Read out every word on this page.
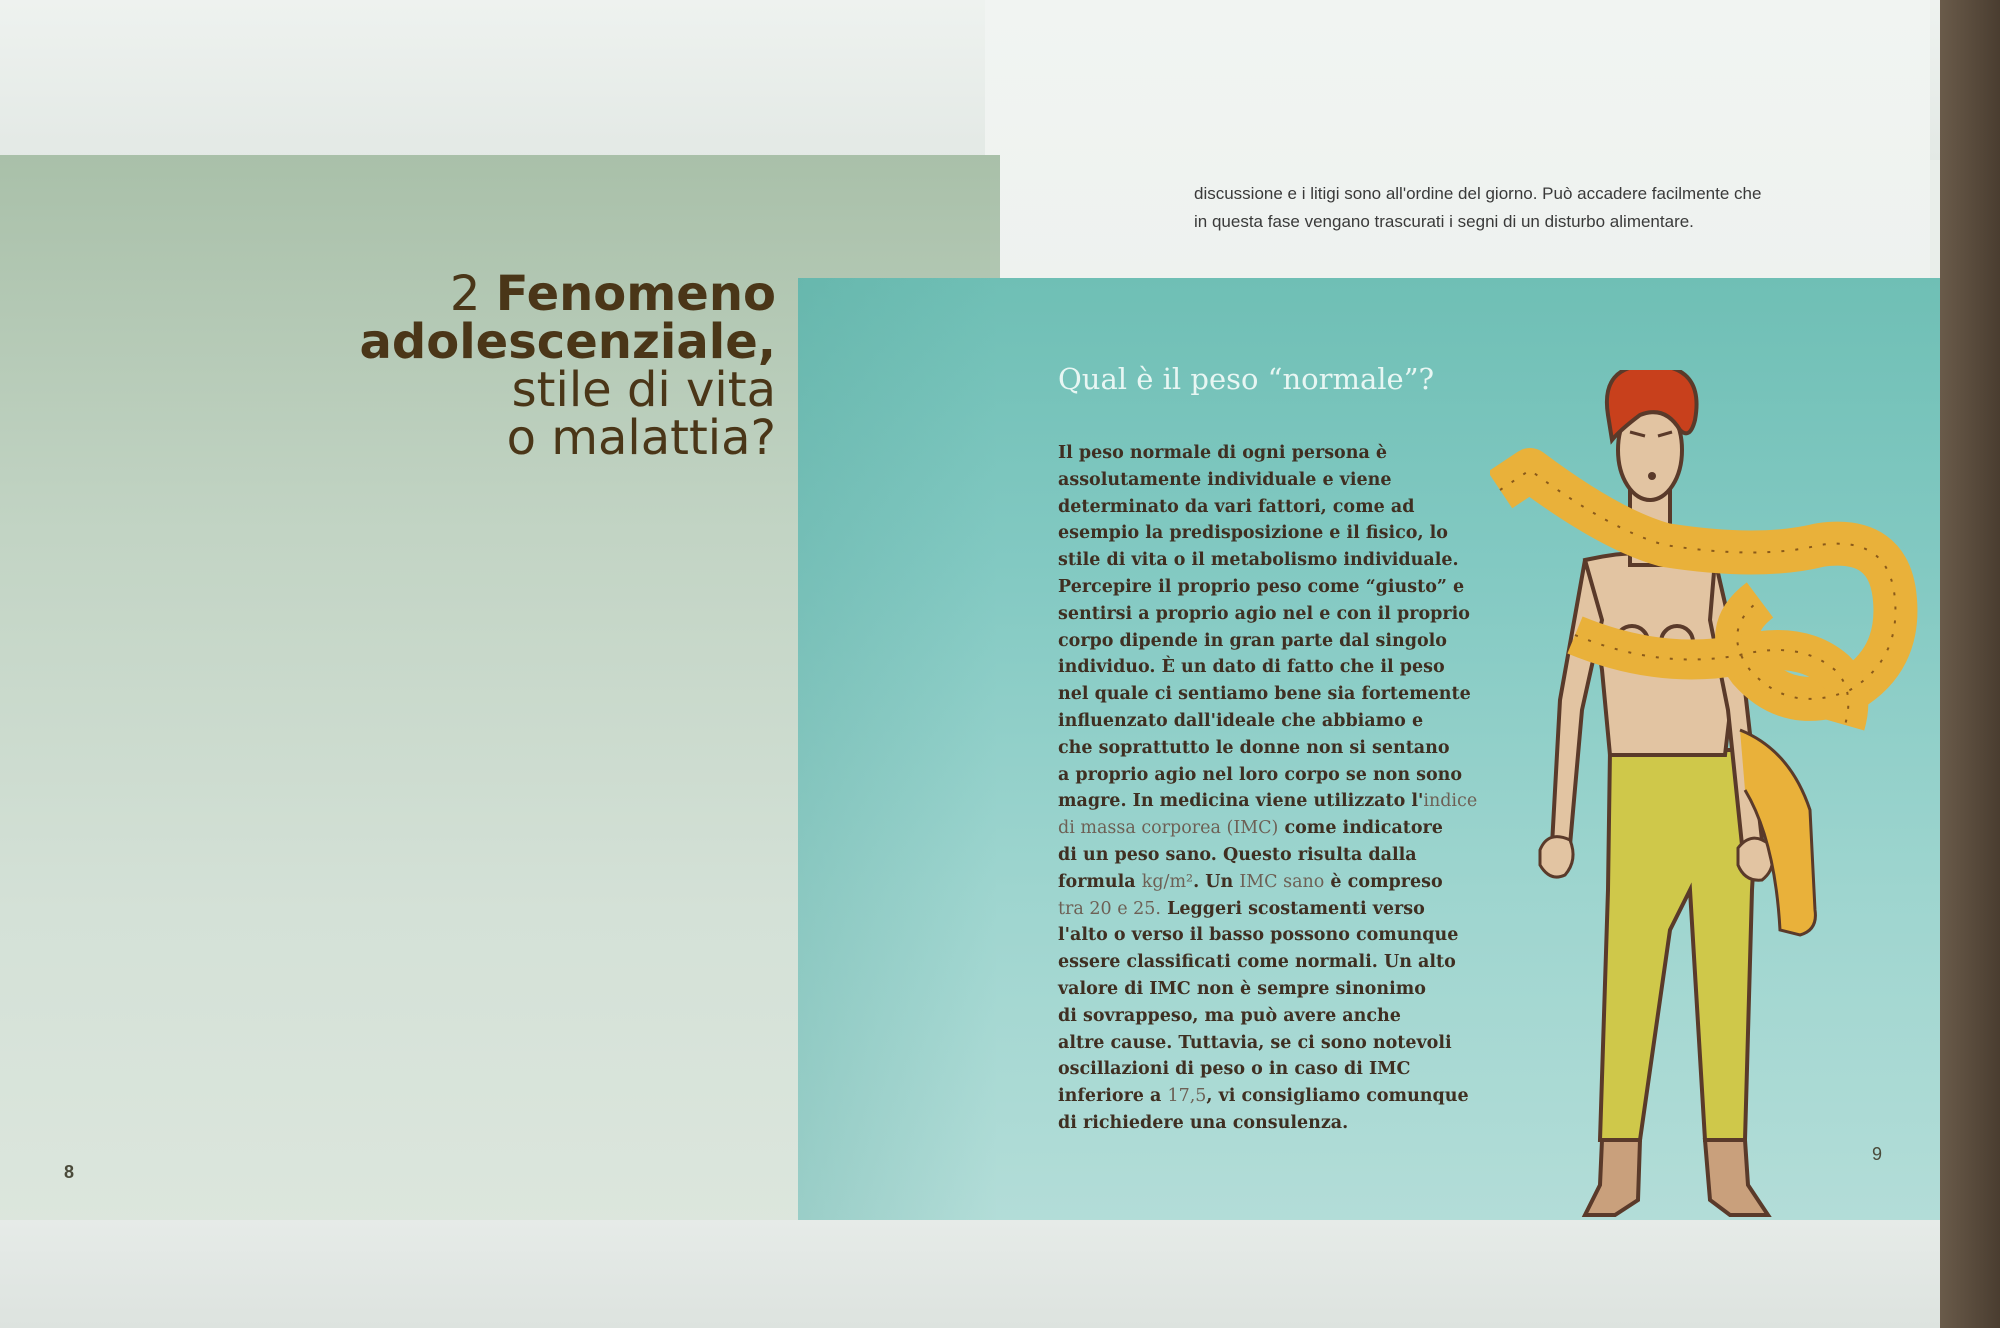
discussione e i litigi sono all'ordine del giorno. Può accadere facilmente che
in questa fase vengano trascurati i segni di un disturbo alimentare.
2 Fenomeno
adolescenziale,
stile di vita
o malattia?
Qual è il peso “normale”?
Il peso normale di ogni persona è
assolutamente individuale e viene
determinato da vari fattori, come ad
esempio la predisposizione e il fisico, lo
stile di vita o il metabolismo individuale.
Percepire il proprio peso come “giusto” e
sentirsi a proprio agio nel e con il proprio
corpo dipende in gran parte dal singolo
individuo. È un dato di fatto che il peso
nel quale ci sentiamo bene sia fortemente
influenzato dall'ideale che abbiamo e
che soprattutto le donne non si sentano
a proprio agio nel loro corpo se non sono
magre. In medicina viene utilizzato l'indice
di massa corporea (IMC) come indicatore
di un peso sano. Questo risulta dalla
formula kg/m². Un IMC sano è compreso
tra 20 e 25. Leggeri scostamenti verso
l'alto o verso il basso possono comunque
essere classificati come normali. Un alto
valore di IMC non è sempre sinonimo
di sovrappeso, ma può avere anche
altre cause. Tuttavia, se ci sono notevoli
oscillazioni di peso o in caso di IMC
inferiore a 17,5, vi consigliamo comunque
di richiedere una consulenza.
8
9
